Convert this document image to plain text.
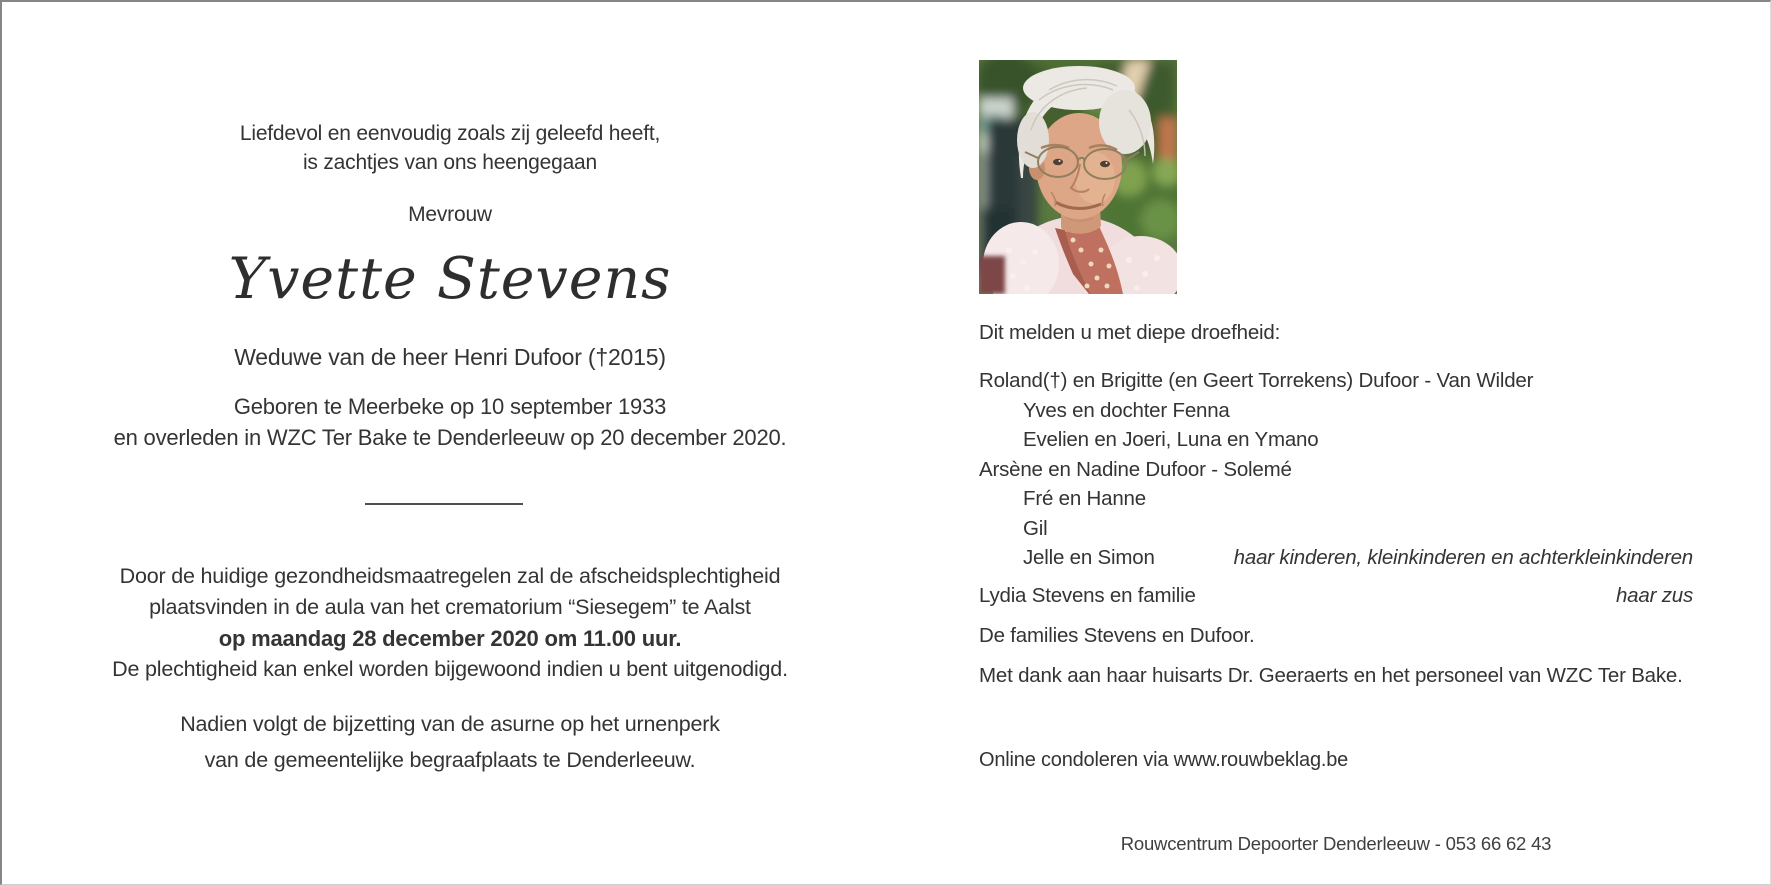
Liefdevol en eenvoudig zoals zij geleefd heeft,
is zachtjes van ons heengegaan
Mevrouw
Yvette Stevens
Weduwe van de heer Henri Dufoor (†2015)
Geboren te Meerbeke op 10 september 1933
en overleden in WZC Ter Bake te Denderleeuw op 20 december 2020.
Door de huidige gezondheidsmaatregelen zal de afscheidsplechtigheid
plaatsvinden in de aula van het crematorium “Siesegem” te Aalst
op maandag 28 december 2020 om 11.00 uur.
De plechtigheid kan enkel worden bijgewoond indien u bent uitgenodigd.
Nadien volgt de bijzetting van de asurne op het urnenperk
van de gemeentelijke begraafplaats te Denderleeuw.
Dit melden u met diepe droefheid:
Roland(†) en Brigitte (en Geert Torrekens) Dufoor - Van Wilder
Yves en dochter Fenna
Evelien en Joeri, Luna en Ymano
Arsène en Nadine Dufoor - Solemé
Fré en Hanne
Gil
Jelle en Simon	haar kinderen, kleinkinderen en achterkleinkinderen
Lydia Stevens en familie	haar zus
De families Stevens en Dufoor.
Met dank aan haar huisarts Dr. Geeraerts en het personeel van WZC Ter Bake.
Online condoleren via www.rouwbeklag.be
Rouwcentrum Depoorter Denderleeuw - 053 66 62 43
